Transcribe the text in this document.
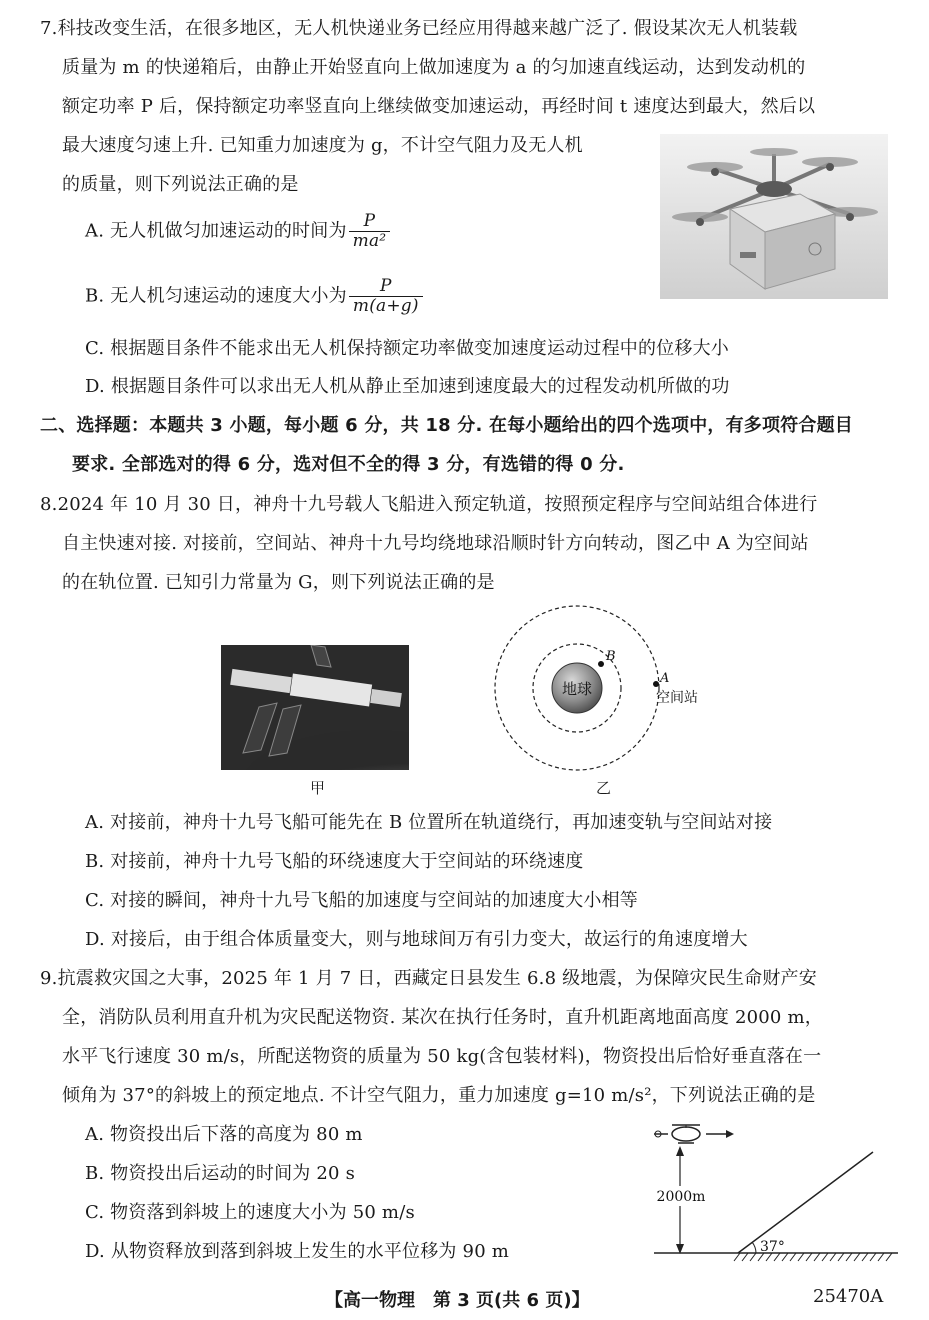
7.科技改变生活，在很多地区，无人机快递业务已经应用得越来越广泛了. 假设某次无人机装载
质量为 m 的快递箱后，由静止开始竖直向上做加速度为 a 的匀加速直线运动，达到发动机的
额定功率 P 后，保持额定功率竖直向上继续做变加速运动，再经时间 t 速度达到最大，然后以
最大速度匀速上升. 已知重力加速度为 g，不计空气阻力及无人机
的质量，则下列说法正确的是
A. 无人机做匀加速运动的时间为 $\frac{P}{\text{ma²}}$
B. 无人机匀速运动的速度大小为 $\frac{P}{m(a+g)}$
C. 根据题目条件不能求出无人机保持额定功率做变加速度运动过程中的位移大小
D. 根据题目条件可以求出无人机从静止至加速到速度最大的过程发动机所做的功
二、选择题：本题共 3 小题，每小题 6 分，共 18 分. 在每小题给出的四个选项中，有多项符合题目
要求. 全部选对的得 6 分，选对但不全的得 3 分，有选错的得 0 分.
8.2024 年 10 月 30 日，神舟十九号载人飞船进入预定轨道，按照预定程序与空间站组合体进行
自主快速对接. 对接前，空间站、神舟十九号均绕地球沿顺时针方向转动，图乙中 A 为空间站
的在轨位置. 已知引力常量为 G，则下列说法正确的是
甲
地球
B
A
空间站
乙
A. 对接前，神舟十九号飞船可能先在 B 位置所在轨道绕行，再加速变轨与空间站对接
B. 对接前，神舟十九号飞船的环绕速度大于空间站的环绕速度
C. 对接的瞬间，神舟十九号飞船的加速度与空间站的加速度大小相等
D. 对接后，由于组合体质量变大，则与地球间万有引力变大，故运行的角速度增大
9.抗震救灾国之大事，2025 年 1 月 7 日，西藏定日县发生 6.8 级地震，为保障灾民生命财产安
全，消防队员利用直升机为灾民配送物资. 某次在执行任务时，直升机距离地面高度 2000 m，
水平飞行速度 30 m/s，所配送物资的质量为 50 kg(含包装材料)，物资投出后恰好垂直落在一
倾角为 37°的斜坡上的预定地点. 不计空气阻力，重力加速度 g=10 m/s²，下列说法正确的是
A. 物资投出后下落的高度为 80 m
B. 物资投出后运动的时间为 20 s
C. 物资落到斜坡上的速度大小为 50 m/s
D. 从物资释放到落到斜坡上发生的水平位移为 90 m
2000m
37°
【高一物理　第 3 页(共 6 页)】	25470A
